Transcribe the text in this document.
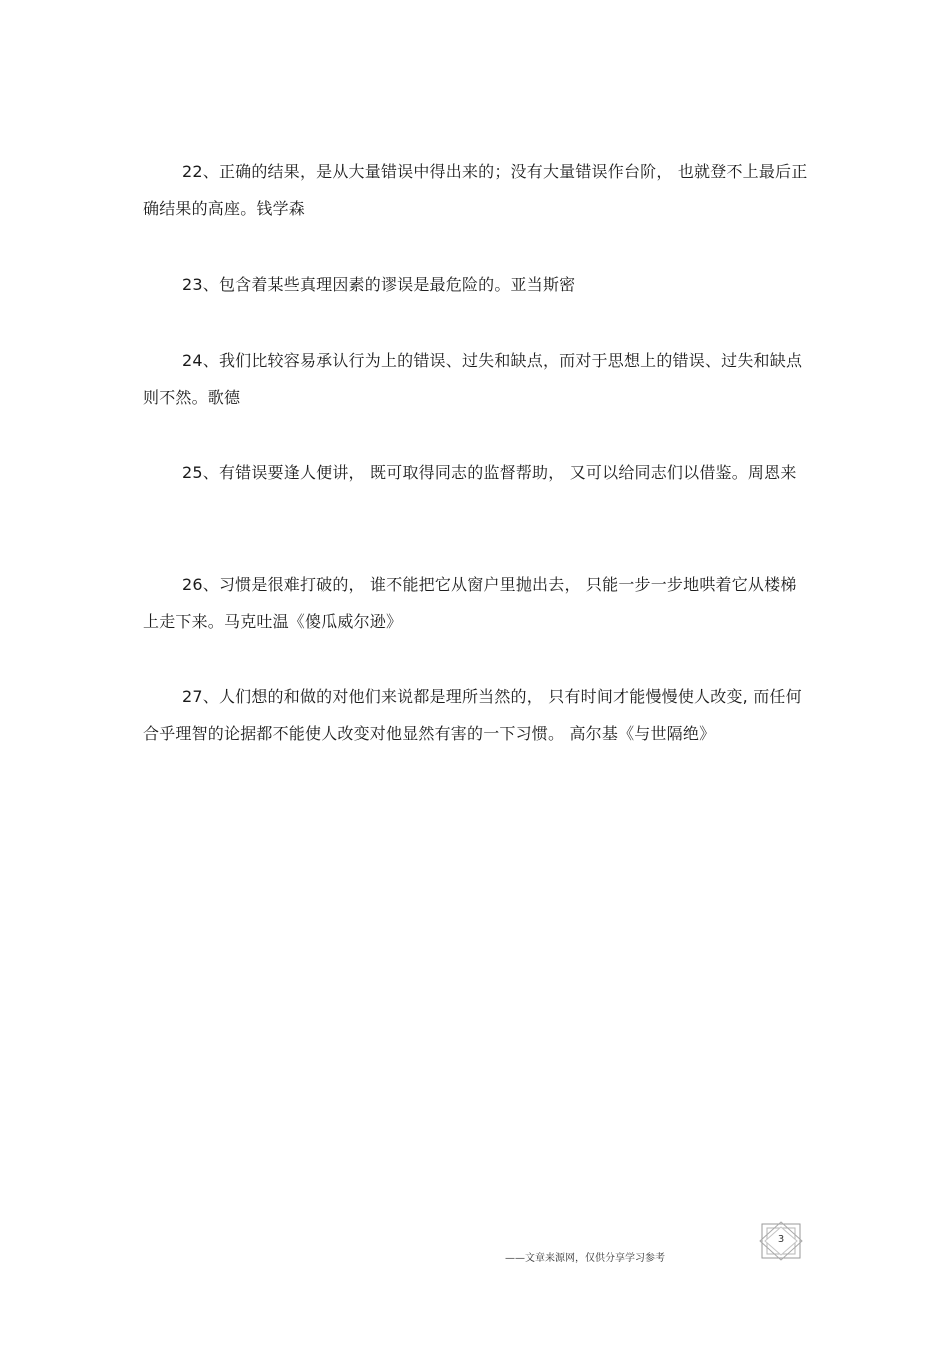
22、正确的结果，是从大量错误中得出来的；没有大量错误作台阶， 也就登不上最后正确结果的高座。钱学森

23、包含着某些真理因素的谬误是最危险的。亚当斯密

24、我们比较容易承认行为上的错误、过失和缺点，而对于思想上的错误、过失和缺点则不然。歌德

25、有错误要逢人便讲， 既可取得同志的监督帮助， 又可以给同志们以借鉴。周恩来

26、习惯是很难打破的， 谁不能把它从窗户里抛出去， 只能一步一步地哄着它从楼梯上走下来。马克吐温《傻瓜威尔逊》

27、人们想的和做的对他们来说都是理所当然的， 只有时间才能慢慢使人改变, 而任何合乎理智的论据都不能使人改变对他显然有害的一下习惯。 高尔基《与世隔绝》

——文章来源网，仅供分享学习参考
3
